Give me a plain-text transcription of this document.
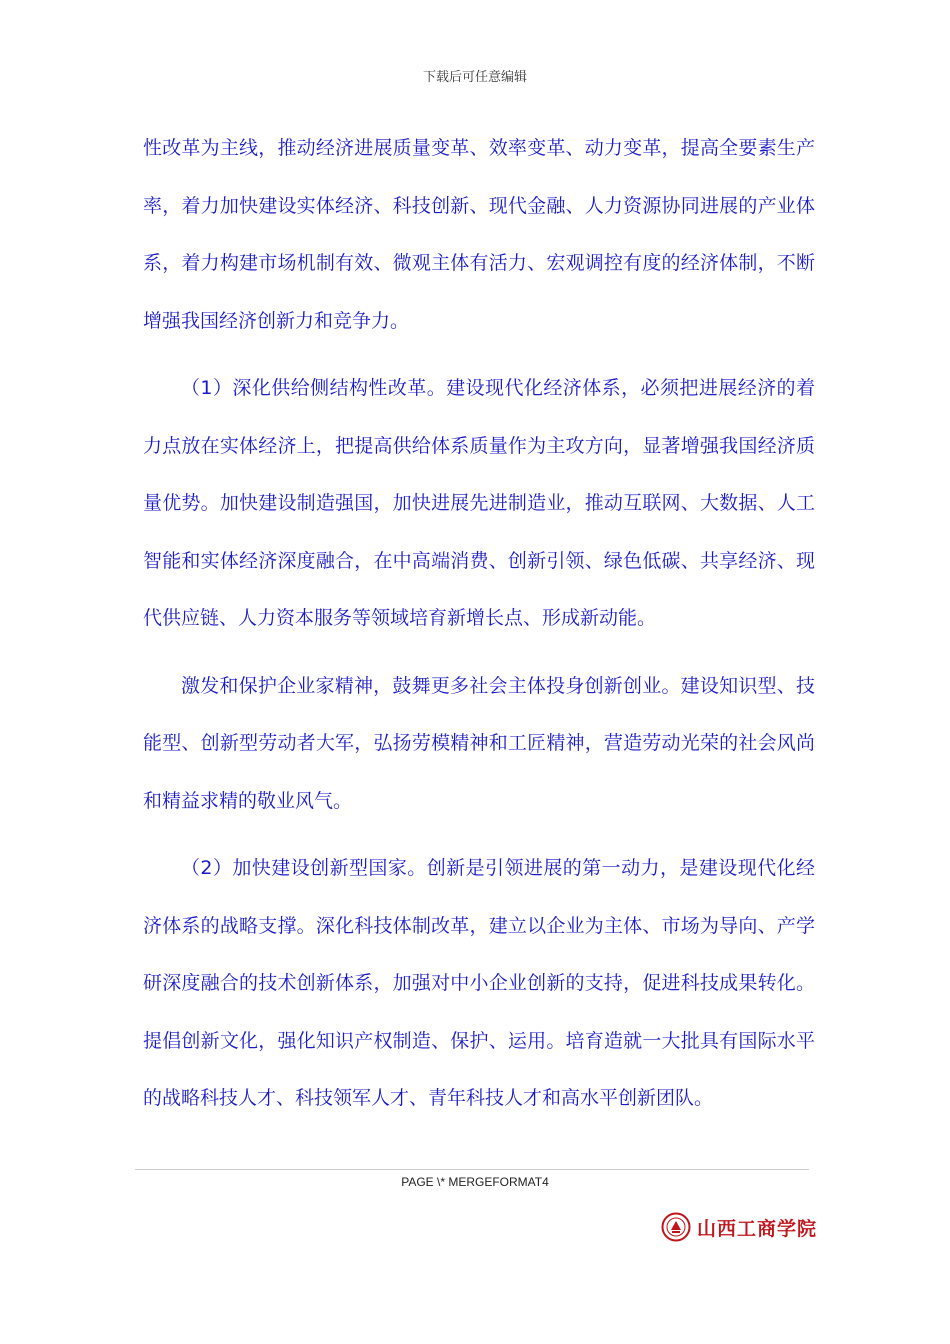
下载后可任意编辑

性改革为主线，推动经济进展质量变革、效率变革、动力变革，提高全要素生产率，着力加快建设实体经济、科技创新、现代金融、人力资源协同进展的产业体系，着力构建市场机制有效、微观主体有活力、宏观调控有度的经济体制，不断增强我国经济创新力和竞争力。

（1）深化供给侧结构性改革。建设现代化经济体系，必须把进展经济的着力点放在实体经济上，把提高供给体系质量作为主攻方向，显著增强我国经济质量优势。加快建设制造强国，加快进展先进制造业，推动互联网、大数据、人工智能和实体经济深度融合，在中高端消费、创新引领、绿色低碳、共享经济、现代供应链、人力资本服务等领域培育新增长点、形成新动能。

激发和保护企业家精神，鼓舞更多社会主体投身创新创业。建设知识型、技能型、创新型劳动者大军，弘扬劳模精神和工匠精神，营造劳动光荣的社会风尚和精益求精的敬业风气。

（2）加快建设创新型国家。创新是引领进展的第一动力，是建设现代化经济体系的战略支撑。深化科技体制改革，建立以企业为主体、市场为导向、产学研深度融合的技术创新体系，加强对中小企业创新的支持，促进科技成果转化。提倡创新文化，强化知识产权制造、保护、运用。培育造就一大批具有国际水平的战略科技人才、科技领军人才、青年科技人才和高水平创新团队。

PAGE \* MERGEFORMAT4
山西工商学院
